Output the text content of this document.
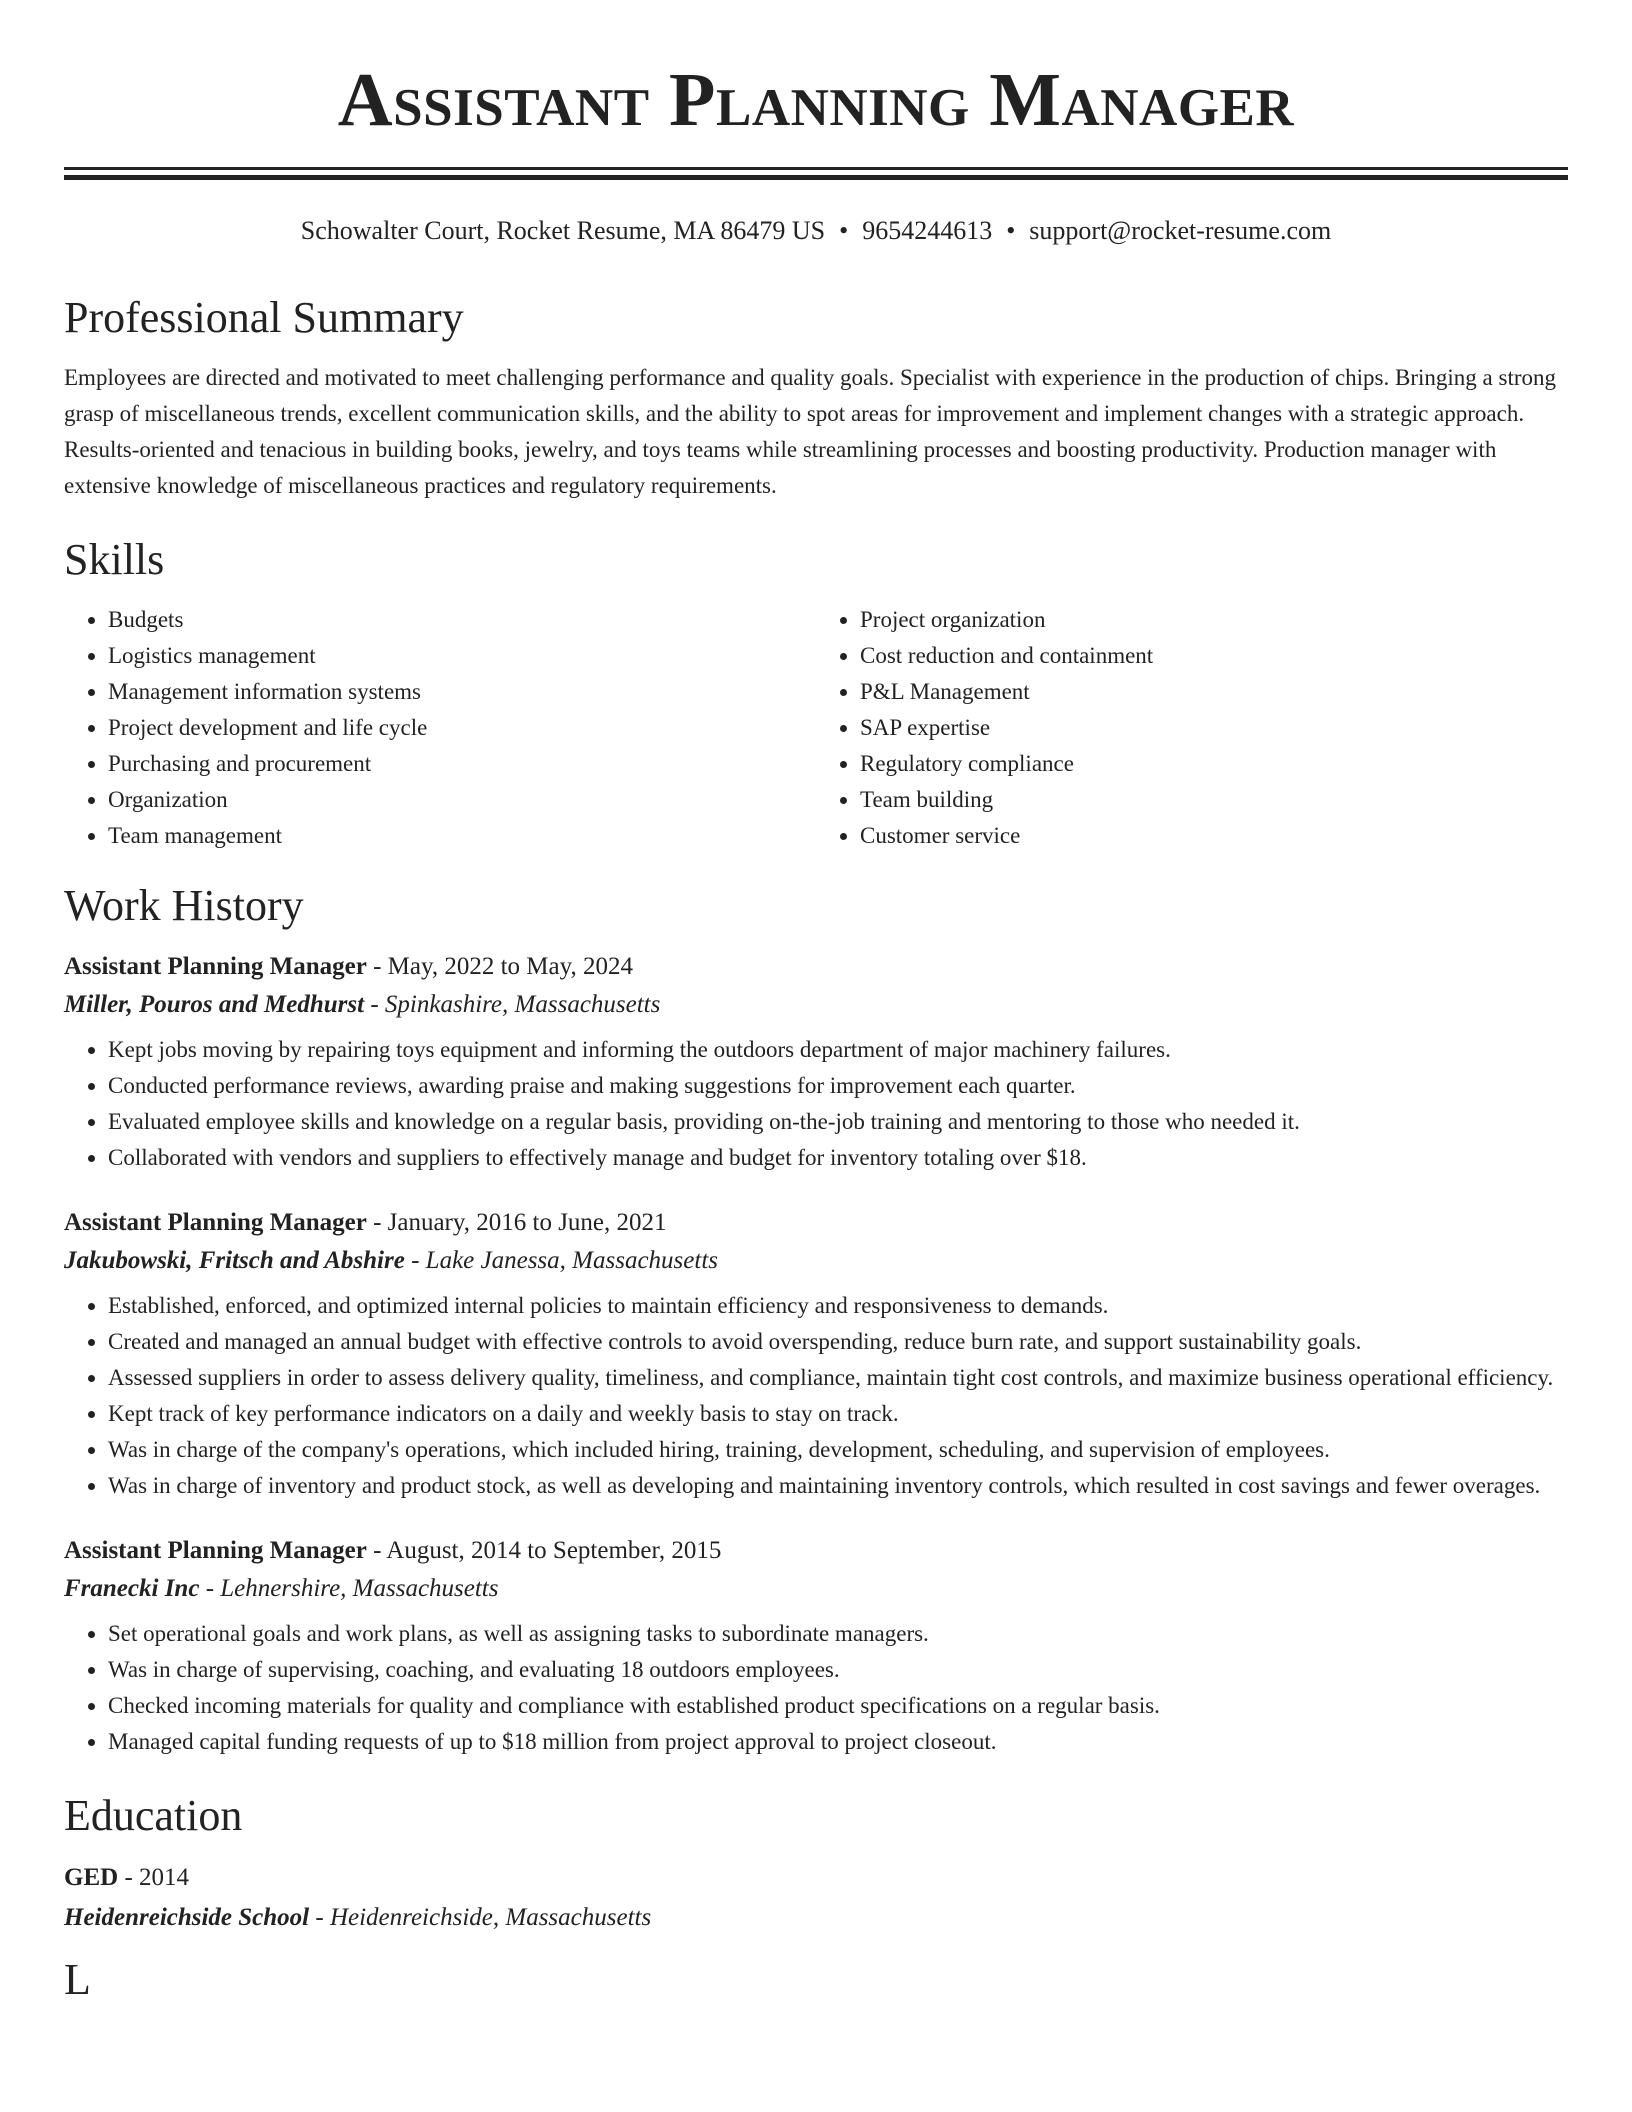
Assistant Planning Manager
Schowalter Court, Rocket Resume, MA 86479 US • 9654244613 • support@rocket-resume.com
Professional Summary

Employees are directed and motivated to meet challenging performance and quality goals. Specialist with experience in the production of chips. Bringing a strong grasp of miscellaneous trends, excellent communication skills, and the ability to spot areas for improvement and implement changes with a strategic approach. Results-oriented and tenacious in building books, jewelry, and toys teams while streamlining processes and boosting productivity. Production manager with extensive knowledge of miscellaneous practices and regulatory requirements.

Skills
• Budgets
• Logistics management
• Management information systems
• Project development and life cycle
• Purchasing and procurement
• Organization
• Team management
• Project organization
• Cost reduction and containment
• P&L Management
• SAP expertise
• Regulatory compliance
• Team building
• Customer service
Work History
Assistant Planning Manager - May, 2022 to May, 2024
Miller, Pouros and Medhurst - Spinkashire, Massachusetts
• Kept jobs moving by repairing toys equipment and informing the outdoors department of major machinery failures.
• Conducted performance reviews, awarding praise and making suggestions for improvement each quarter.
• Evaluated employee skills and knowledge on a regular basis, providing on-the-job training and mentoring to those who needed it.
• Collaborated with vendors and suppliers to effectively manage and budget for inventory totaling over $18.
Assistant Planning Manager - January, 2016 to June, 2021
Jakubowski, Fritsch and Abshire - Lake Janessa, Massachusetts
• Established, enforced, and optimized internal policies to maintain efficiency and responsiveness to demands.
• Created and managed an annual budget with effective controls to avoid overspending, reduce burn rate, and support sustainability goals.
• Assessed suppliers in order to assess delivery quality, timeliness, and compliance, maintain tight cost controls, and maximize business operational efficiency.
• Kept track of key performance indicators on a daily and weekly basis to stay on track.
• Was in charge of the company's operations, which included hiring, training, development, scheduling, and supervision of employees.
• Was in charge of inventory and product stock, as well as developing and maintaining inventory controls, which resulted in cost savings and fewer overages.
Assistant Planning Manager - August, 2014 to September, 2015
Franecki Inc - Lehnershire, Massachusetts
• Set operational goals and work plans, as well as assigning tasks to subordinate managers.
• Was in charge of supervising, coaching, and evaluating 18 outdoors employees.
• Checked incoming materials for quality and compliance with established product specifications on a regular basis.
• Managed capital funding requests of up to $18 million from project approval to project closeout.
Education
GED - 2014
Heidenreichside School - Heidenreichside, Massachusetts
L
